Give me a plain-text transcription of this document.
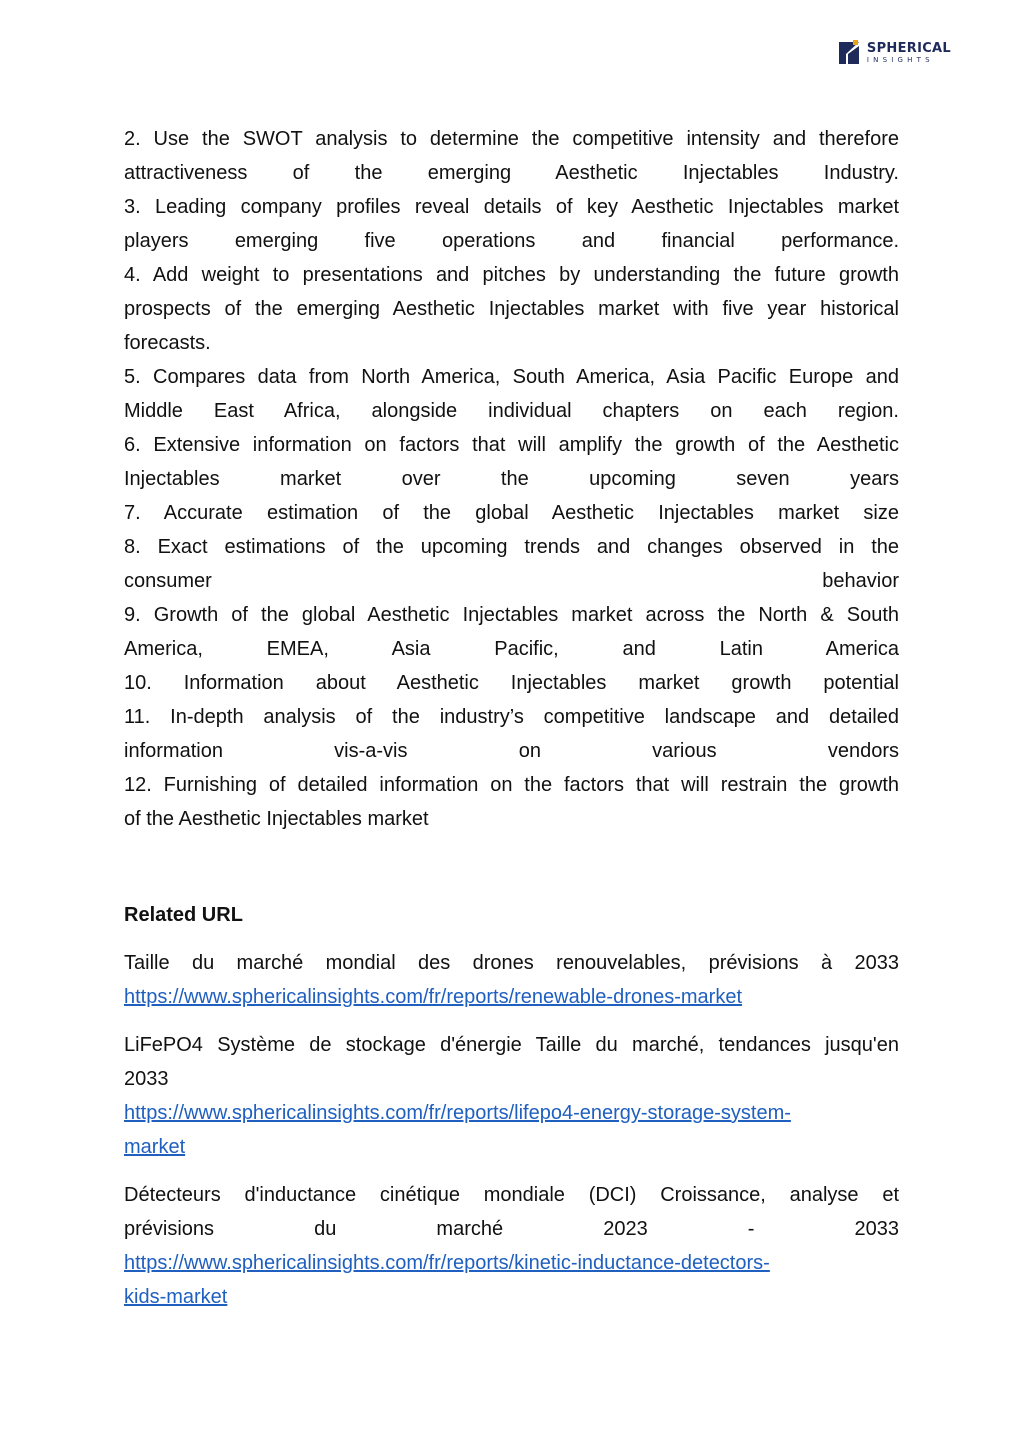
SPHERICAL
INSIGHTS
2. Use the SWOT analysis to determine the competitive intensity and therefore
attractiveness of the emerging Aesthetic Injectables Industry.
3. Leading company profiles reveal details of key Aesthetic Injectables market
players emerging five operations and financial performance.
4. Add weight to presentations and pitches by understanding the future growth
prospects of the emerging Aesthetic Injectables market with five year historical
forecasts.
5. Compares data from North America, South America, Asia Pacific Europe and
Middle East Africa, alongside individual chapters on each region.
6. Extensive information on factors that will amplify the growth of the Aesthetic
Injectables market over the upcoming seven years
7. Accurate estimation of the global Aesthetic Injectables market size
8. Exact estimations of the upcoming trends and changes observed in the
consumer behavior
9. Growth of the global Aesthetic Injectables market across the North & South
America, EMEA, Asia Pacific, and Latin America
10. Information about Aesthetic Injectables market growth potential
11. In-depth analysis of the industry’s competitive landscape and detailed
information vis-a-vis on various vendors
12. Furnishing of detailed information on the factors that will restrain the growth
of the Aesthetic Injectables market
Related URL
Taille du marché mondial des drones renouvelables, prévisions à 2033
https://www.sphericalinsights.com/fr/reports/renewable-drones-market
LiFePO4 Système de stockage d'énergie Taille du marché, tendances jusqu'en
2033
https://www.sphericalinsights.com/fr/reports/lifepo4-energy-storage-system-
market
Détecteurs d'inductance cinétique mondiale (DCI) Croissance, analyse et
prévisions du marché 2023 - 2033
https://www.sphericalinsights.com/fr/reports/kinetic-inductance-detectors-
kids-market
